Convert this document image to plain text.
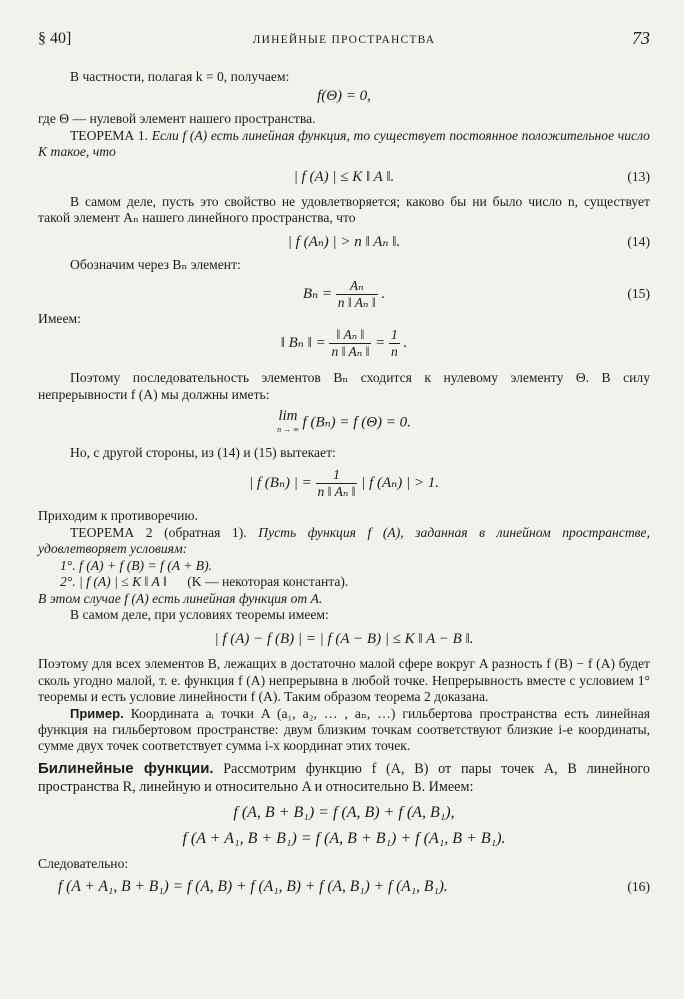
§ 40]	ЛИНЕЙНЫЕ ПРОСТРАНСТВА	73

В частности, полагая k = 0, получаем:

f(Θ) = 0,

где Θ — нулевой элемент нашего пространства.

ТЕОРЕМА 1. Если f (A) есть линейная функция, то существует постоянное положительное число K такое, что

| f (A) | ≤ K ‖ A ‖.	(13)

В самом деле, пусть это свойство не удовлетворяется; каково бы ни было число n, существует такой элемент Aₙ нашего линейного пространства, что

| f (Aₙ) | > n ‖ Aₙ ‖.	(14)

Обозначим через Bₙ элемент:

$B_n = \frac{\text{Aₙ}}{\text{n ‖ Aₙ ‖}}$ .	(15)

Имеем:

‖ Bₙ ‖ = $\frac{\text{‖ Aₙ ‖}}{\text{n ‖ Aₙ ‖}} = \frac{1}{n}$ .

Поэтому последовательность элементов Bₙ сходится к нулевому элементу Θ. В силу непрерывности f (A) мы должны иметь:

lim
n → ∞ f (Bₙ) = f (Θ) = 0.

Но, с другой стороны, из (14) и (15) вытекает:

| f (Bₙ) | = $\frac{1}{\text{n ‖ Aₙ ‖}}$ | f (Aₙ) | > 1.

Приходим к противоречию.

ТЕОРЕМА 2 (обратная 1). Пусть функция f (A), заданная в линейном пространстве, удовлетворяет условиям:

1°. f (A) + f (B) = f (A + B).
2°. | f (A) | ≤ K ‖ A ‖ (K — некоторая константа).

В этом случае f (A) есть линейная функция от A.

В самом деле, при условиях теоремы имеем:

| f (A) − f (B) | = | f (A − B) | ≤ K ‖ A − B ‖.

Поэтому для всех элементов B, лежащих в достаточно малой сфере вокруг A разность f (B) − f (A) будет сколь угодно малой, т. е. функция f (A) непрерывна в любой точке. Непрерывность вместе с условием 1° теоремы и есть условие линейности f (A). Таким образом теорема 2 доказана.

Пример. Координата aᵢ точки A (a₁, a₂, … , aₙ, …) гильбертова пространства есть линейная функция на гильбертовом пространстве: двум близким точкам соответствуют близкие i-е координаты, сумме двух точек соответствует сумма i-х координат этих точек.

Билинейные функции. Рассмотрим функцию f (A, B) от пары точек A, B линейного пространства R, линейную и относительно A и относительно B. Имеем:

f (A, B + B₁) = f (A, B) + f (A, B₁),
f (A + A₁, B + B₁) = f (A, B + B₁) + f (A₁, B + B₁).

Следовательно:

f (A + A₁, B + B₁) = f (A, B) + f (A₁, B) + f (A, B₁) + f (A₁, B₁).	(16)
